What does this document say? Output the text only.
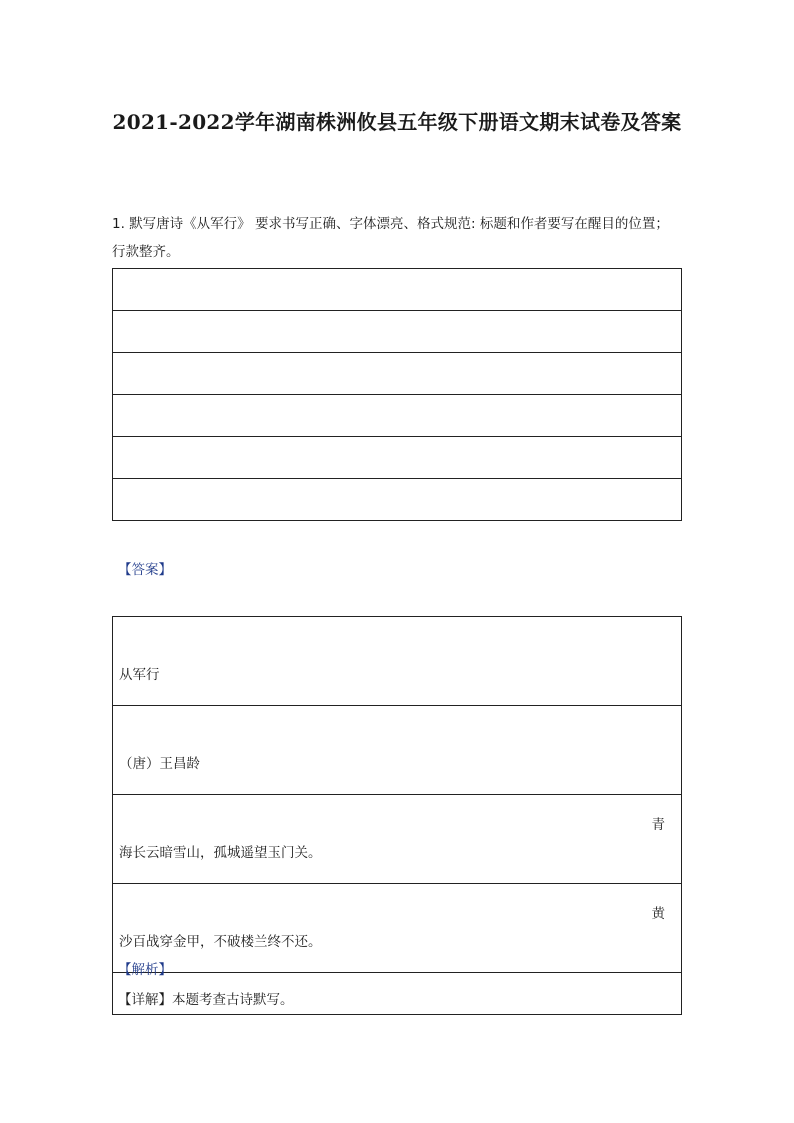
2021-2022学年湖南株洲攸县五年级下册语文期末试卷及答案
1. 默写唐诗《从军行》 要求书写正确、字体漂亮、格式规范: 标题和作者要写在醒目的位置；行款整齐。

【答案】
从军行

（唐）王昌龄

青
海长云暗雪山，孤城遥望玉门关。

黄
沙百战穿金甲，不破楼兰终不还。

【解析】
【详解】本题考查古诗默写。
